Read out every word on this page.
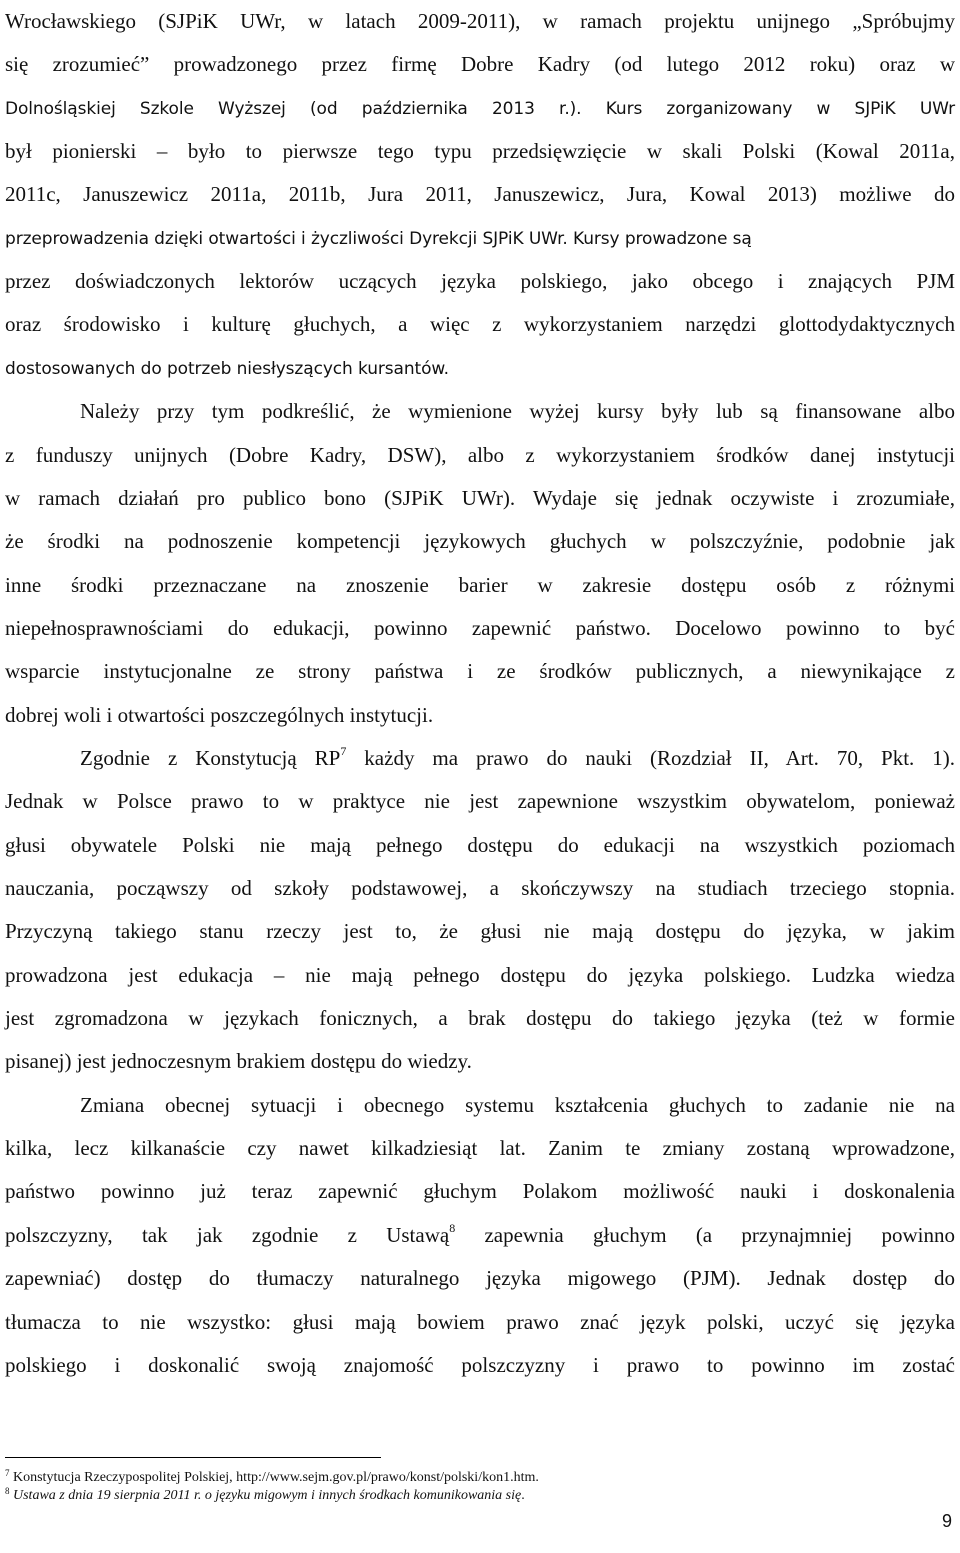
Wrocławskiego (SJPiK UWr, w latach 2009-2011), w ramach projektu unijnego „Spróbujmy
się zrozumieć” prowadzonego przez firmę Dobre Kadry (od lutego 2012 roku) oraz w
Dolnośląskiej Szkole Wyższej (od października 2013 r.). Kurs zorganizowany w SJPiK UWr
był pionierski – było to pierwsze tego typu przedsięwzięcie w skali Polski (Kowal 2011a,
2011c, Januszewicz 2011a, 2011b, Jura 2011, Januszewicz, Jura, Kowal 2013) możliwe do
przeprowadzenia dzięki otwartości i życzliwości Dyrekcji SJPiK UWr. Kursy prowadzone są
przez doświadczonych lektorów uczących języka polskiego, jako obcego i znających PJM
oraz środowisko i kulturę głuchych, a więc z wykorzystaniem narzędzi glottodydaktycznych
dostosowanych do potrzeb niesłyszących kursantów.
Należy przy tym podkreślić, że wymienione wyżej kursy były lub są finansowane albo
z funduszy unijnych (Dobre Kadry, DSW), albo z wykorzystaniem środków danej instytucji
w ramach działań pro publico bono (SJPiK UWr). Wydaje się jednak oczywiste i zrozumiałe,
że środki na podnoszenie kompetencji językowych głuchych w polszczyźnie, podobnie jak
inne środki przeznaczane na znoszenie barier w zakresie dostępu osób z różnymi
niepełnosprawnościami do edukacji, powinno zapewnić państwo. Docelowo powinno to być
wsparcie instytucjonalne ze strony państwa i ze środków publicznych, a niewynikające z
dobrej woli i otwartości poszczególnych instytucji.
Zgodnie z Konstytucją $RP^7$ każdy ma prawo do nauki (Rozdział II, Art. 70, Pkt. 1).
Jednak w Polsce prawo to w praktyce nie jest zapewnione wszystkim obywatelom, ponieważ
głusi obywatele Polski nie mają pełnego dostępu do edukacji na wszystkich poziomach
nauczania, począwszy od szkoły podstawowej, a skończywszy na studiach trzeciego stopnia.
Przyczyną takiego stanu rzeczy jest to, że głusi nie mają dostępu do języka, w jakim
prowadzona jest edukacja – nie mają pełnego dostępu do języka polskiego. Ludzka wiedza
jest zgromadzona w językach fonicznych, a brak dostępu do takiego języka (też w formie
pisanej) jest jednoczesnym brakiem dostępu do wiedzy.
Zmiana obecnej sytuacji i obecnego systemu kształcenia głuchych to zadanie nie na
kilka, lecz kilkanaście czy nawet kilkadziesiąt lat. Zanim te zmiany zostaną wprowadzone,
państwo powinno już teraz zapewnić głuchym Polakom możliwość nauki i doskonalenia
polszczyzny, tak jak zgodnie z Ustawą$^8$ zapewnia głuchym (a przynajmniej powinno
zapewniać) dostęp do tłumaczy naturalnego języka migowego (PJM). Jednak dostęp do
tłumacza to nie wszystko: głusi mają bowiem prawo znać język polski, uczyć się języka
polskiego i doskonalić swoją znajomość polszczyzny i prawo to powinno im zostać
$^7$ Konstytucja Rzeczypospolitej Polskiej, http://www.sejm.gov.pl/prawo/konst/polski/kon1.htm.
$^8$ Ustawa z dnia 19 sierpnia 2011 r. o języku migowym i innych środkach komunikowania się.
9
